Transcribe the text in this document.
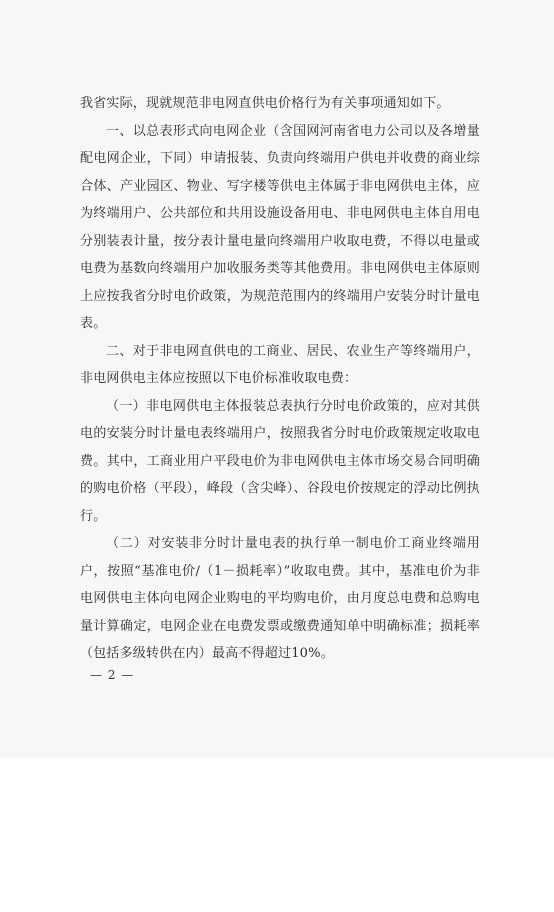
我省实际，现就规范非电网直供电价格行为有关事项通知如下。

一、以总表形式向电网企业（含国网河南省电力公司以及各增量配电网企业，下同）申请报装、负责向终端用户供电并收费的商业综合体、产业园区、物业、写字楼等供电主体属于非电网供电主体，应为终端用户、公共部位和共用设施设备用电、非电网供电主体自用电分别装表计量，按分表计量电量向终端用户收取电费，不得以电量或电费为基数向终端用户加收服务类等其他费用。非电网供电主体原则上应按我省分时电价政策，为规范范围内的终端用户安装分时计量电表。

二、对于非电网直供电的工商业、居民、农业生产等终端用户，非电网供电主体应按照以下电价标准收取电费：

（一）非电网供电主体报装总表执行分时电价政策的，应对其供电的安装分时计量电表终端用户，按照我省分时电价政策规定收取电费。其中，工商业用户平段电价为非电网供电主体市场交易合同明确的购电价格（平段），峰段（含尖峰）、谷段电价按规定的浮动比例执行。

（二）对安装非分时计量电表的执行单一制电价工商业终端用户，按照“基准电价/（1－损耗率）”收取电费。其中，基准电价为非电网供电主体向电网企业购电的平均购电价，由月度总电费和总购电量计算确定，电网企业在电费发票或缴费通知单中明确标准；损耗率（包括多级转供在内）最高不得超过10%。

— 2 —
